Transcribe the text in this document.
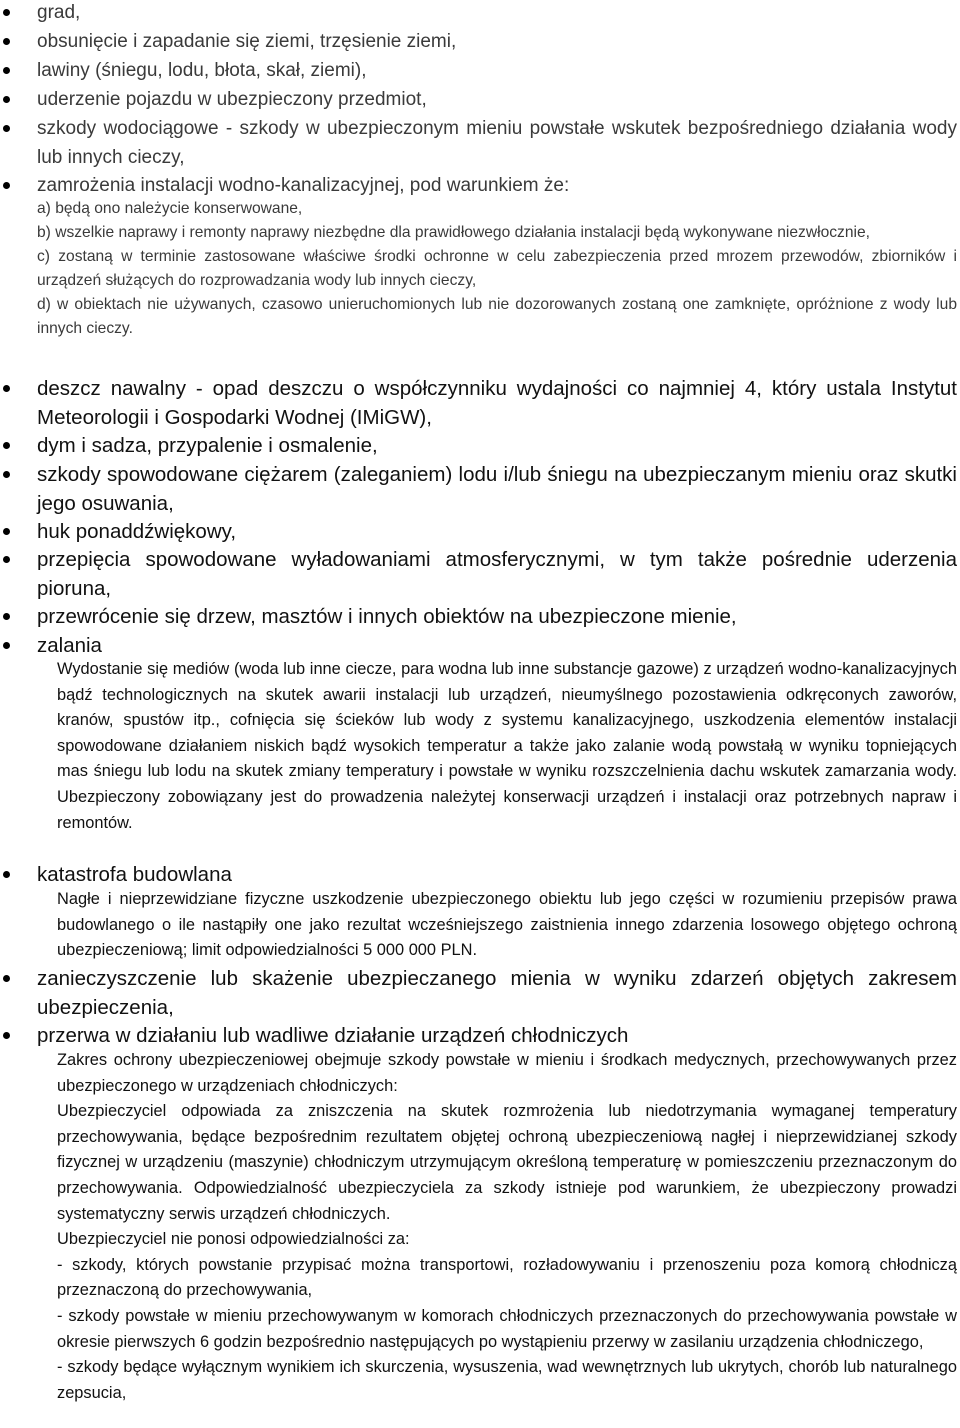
grad,
obsunięcie i zapadanie się ziemi, trzęsienie ziemi,
lawiny (śniegu, lodu, błota, skał, ziemi),
uderzenie pojazdu w ubezpieczony przedmiot,
szkody wodociągowe - szkody w ubezpieczonym mieniu powstałe wskutek bezpośredniego działania wody lub innych cieczy,
zamrożenia instalacji wodno-kanalizacyjnej, pod warunkiem że:
a) będą ono należycie konserwowane,
b) wszelkie naprawy i remonty naprawy niezbędne dla prawidłowego działania instalacji będą wykonywane niezwłocznie,
c) zostaną w terminie zastosowane właściwe środki ochronne w celu zabezpieczenia przed mrozem przewodów, zbiorników i urządzeń służących do rozprowadzania wody lub innych cieczy,
d) w obiektach nie używanych, czasowo unieruchomionych lub nie dozorowanych zostaną one zamknięte, opróżnione z wody lub innych cieczy.
deszcz nawalny - opad deszczu o współczynniku wydajności co najmniej 4, który ustala Instytut Meteorologii i Gospodarki Wodnej (IMiGW),
dym i sadza, przypalenie i osmalenie,
szkody spowodowane ciężarem (zaleganiem) lodu i/lub śniegu na ubezpieczanym mieniu oraz skutki jego osuwania,
huk ponaddźwiękowy,
przepięcia spowodowane wyładowaniami atmosferycznymi, w tym także pośrednie uderzenia pioruna,
przewrócenie się drzew, masztów i innych obiektów na ubezpieczone mienie,
zalania
Wydostanie się mediów (woda lub inne ciecze, para wodna lub inne substancje gazowe) z urządzeń wodno-kanalizacyjnych bądź technologicznych na skutek awarii instalacji lub urządzeń, nieumyślnego pozostawienia odkręconych zaworów, kranów, spustów itp., cofnięcia się ścieków lub wody z systemu kanalizacyjnego, uszkodzenia elementów instalacji spowodowane działaniem niskich bądź wysokich temperatur a także jako zalanie wodą powstałą w wyniku topniejących mas śniegu lub lodu na skutek zmiany temperatury i powstałe w wyniku rozszczelnienia dachu wskutek zamarzania wody. Ubezpieczony zobowiązany jest do prowadzenia należytej konserwacji urządzeń i instalacji oraz potrzebnych napraw i remontów.
katastrofa budowlana
Nagłe i nieprzewidziane fizyczne uszkodzenie ubezpieczonego obiektu lub jego części w rozumieniu przepisów prawa budowlanego o ile nastąpiły one jako rezultat wcześniejszego zaistnienia innego zdarzenia losowego objętego ochroną ubezpieczeniową; limit odpowiedzialności 5 000 000 PLN.
zanieczyszczenie lub skażenie ubezpieczanego mienia w wyniku zdarzeń objętych zakresem ubezpieczenia,
przerwa w działaniu lub wadliwe działanie urządzeń chłodniczych
Zakres ochrony ubezpieczeniowej obejmuje szkody powstałe w mieniu i środkach medycznych, przechowywanych przez ubezpieczonego w urządzeniach chłodniczych:
Ubezpieczyciel odpowiada za zniszczenia na skutek rozmrożenia lub niedotrzymania wymaganej temperatury przechowywania, będące bezpośrednim rezultatem objętej ochroną ubezpieczeniową nagłej i nieprzewidzianej szkody fizycznej w urządzeniu (maszynie) chłodniczym utrzymującym określoną temperaturę w pomieszczeniu przeznaczonym do przechowywania. Odpowiedzialność ubezpieczyciela za szkody istnieje pod warunkiem, że ubezpieczony prowadzi systematyczny serwis urządzeń chłodniczych.
Ubezpieczyciel nie ponosi odpowiedzialności za:
- szkody, których powstanie przypisać można transportowi, rozładowywaniu i przenoszeniu poza komorą chłodniczą przeznaczoną do przechowywania,
- szkody powstałe w mieniu przechowywanym w komorach chłodniczych przeznaczonych do przechowywania powstałe w okresie pierwszych 6 godzin bezpośrednio następujących po wystąpieniu przerwy w zasilaniu urządzenia chłodniczego,
- szkody będące wyłącznym wynikiem ich skurczenia, wysuszenia, wad wewnętrznych lub ukrytych, chorób lub naturalnego zepsucia,
